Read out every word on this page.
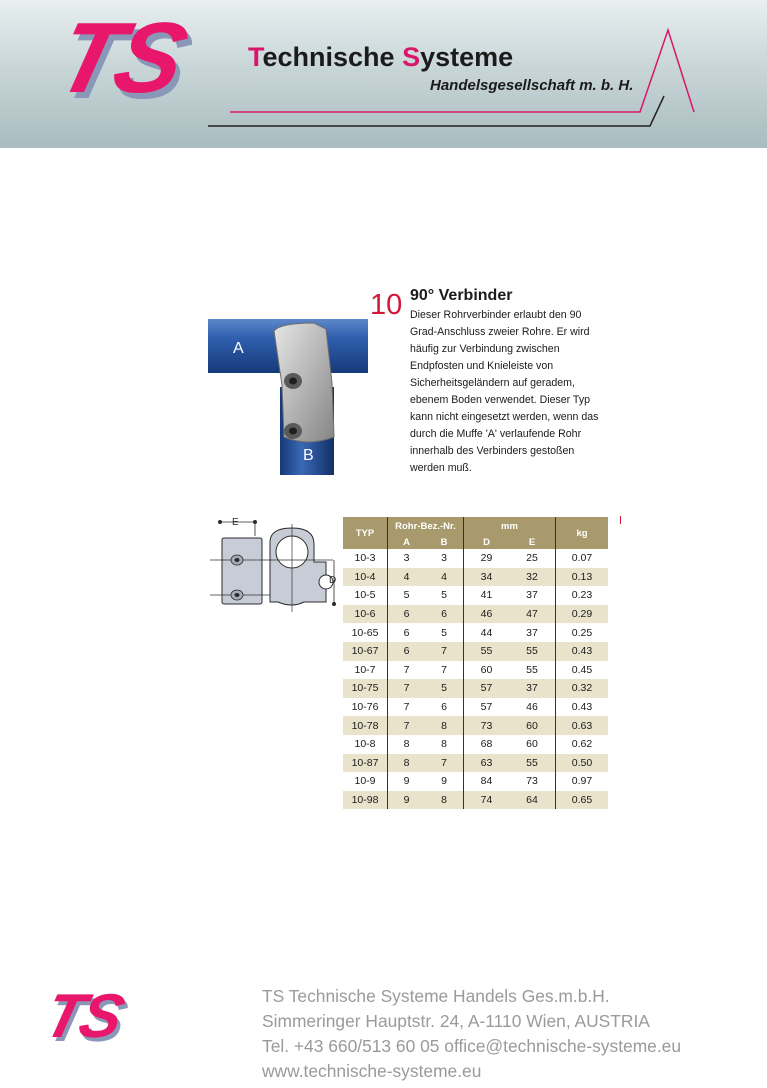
TS Technische Systeme
Handelsgesellschaft m. b. H.
A
B
10 90° Verbinder

Dieser Rohrverbinder erlaubt den 90 Grad-Anschluss zweier Rohre. Er wird häufig zur Verbindung zwischen Endpfosten und Knieleiste von Sicherheitsgeländern auf geradem, ebenem Boden verwendet. Dieser Typ kann nicht eingesetzt werden, wenn das durch die Muffe 'A' verlaufende Rohr innerhalb des Verbinders gestoßen werden muß.

E
D
TYP	Rohr-Bez.-Nr.		mm		kg
	A	B	D	E	
10-3	3	3	29	25	0.07
10-4	4	4	34	32	0.13
10-5	5	5	41	37	0.23
10-6	6	6	46	47	0.29
10-65	6	5	44	37	0.25
10-67	6	7	55	55	0.43
10-7	7	7	60	55	0.45
10-75	7	5	57	37	0.32
10-76	7	6	57	46	0.43
10-78	7	8	73	60	0.63
10-8	8	8	68	60	0.62
10-87	8	7	63	55	0.50
10-9	9	9	84	73	0.97
10-98	9	8	74	64	0.65
TS	TS Technische Systeme Handels Ges.m.b.H.
Simmeringer Hauptstr. 24, A-1110 Wien, AUSTRIA
Tel. +43 660/513 60 05 office@technische-systeme.eu
www.technische-systeme.eu
